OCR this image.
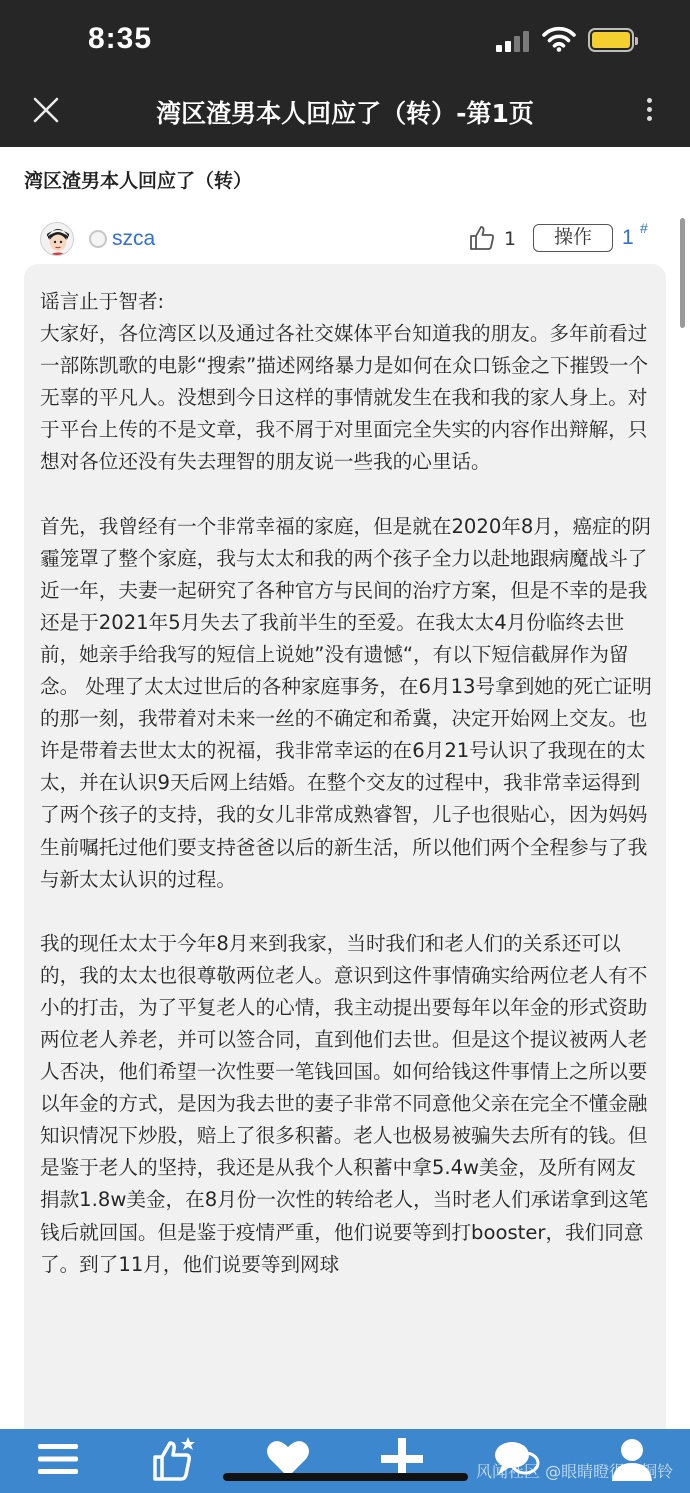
8:35
湾区渣男本人回应了（转）-第1页
湾区渣男本人回应了（转）
szca	1	操作	1 #

谣言止于智者:

大家好，各位湾区以及通过各社交媒体平台知道我的朋友。多年前看过一部陈凯歌的电影“搜索”描述网络暴力是如何在众口铄金之下摧毁一个无辜的平凡人。没想到今日这样的事情就发生在我和我的家人身上。对于平台上传的不是文章，我不屑于对里面完全失实的内容作出辩解，只想对各位还没有失去理智的朋友说一些我的心里话。

首先，我曾经有一个非常幸福的家庭，但是就在2020年8月，癌症的阴霾笼罩了整个家庭，我与太太和我的两个孩子全力以赴地跟病魔战斗了近一年，夫妻一起研究了各种官方与民间的治疗方案，但是不幸的是我还是于2021年5月失去了我前半生的至爱。在我太太4月份临终去世前，她亲手给我写的短信上说她”没有遗憾“，有以下短信截屏作为留念。 处理了太太过世后的各种家庭事务，在6月13号拿到她的死亡证明的那一刻，我带着对未来一丝的不确定和希冀，决定开始网上交友。也许是带着去世太太的祝福，我非常幸运的在6月21号认识了我现在的太太，并在认识9天后网上结婚。在整个交友的过程中，我非常幸运得到了两个孩子的支持，我的女儿非常成熟睿智，儿子也很贴心，因为妈妈生前嘱托过他们要支持爸爸以后的新生活，所以他们两个全程参与了我与新太太认识的过程。

我的现任太太于今年8月来到我家，当时我们和老人们的关系还可以的，我的太太也很尊敬两位老人。意识到这件事情确实给两位老人有不小的打击，为了平复老人的心情，我主动提出要每年以年金的形式资助两位老人养老，并可以签合同，直到他们去世。但是这个提议被两人老人否决，他们希望一次性要一笔钱回国。如何给钱这件事情上之所以要以年金的方式，是因为我去世的妻子非常不同意他父亲在完全不懂金融知识情况下炒股，赔上了很多积蓄。老人也极易被骗失去所有的钱。但是鉴于老人的坚持，我还是从我个人积蓄中拿5.4w美金，及所有网友捐款1.8w美金，在8月份一次性的转给老人，当时老人们承诺拿到这笔钱后就回国。但是鉴于疫情严重，他们说要等到打booster，我们同意了。到了11月，他们说要等到网球

风闻社区 @眼睛瞪得像铜铃
